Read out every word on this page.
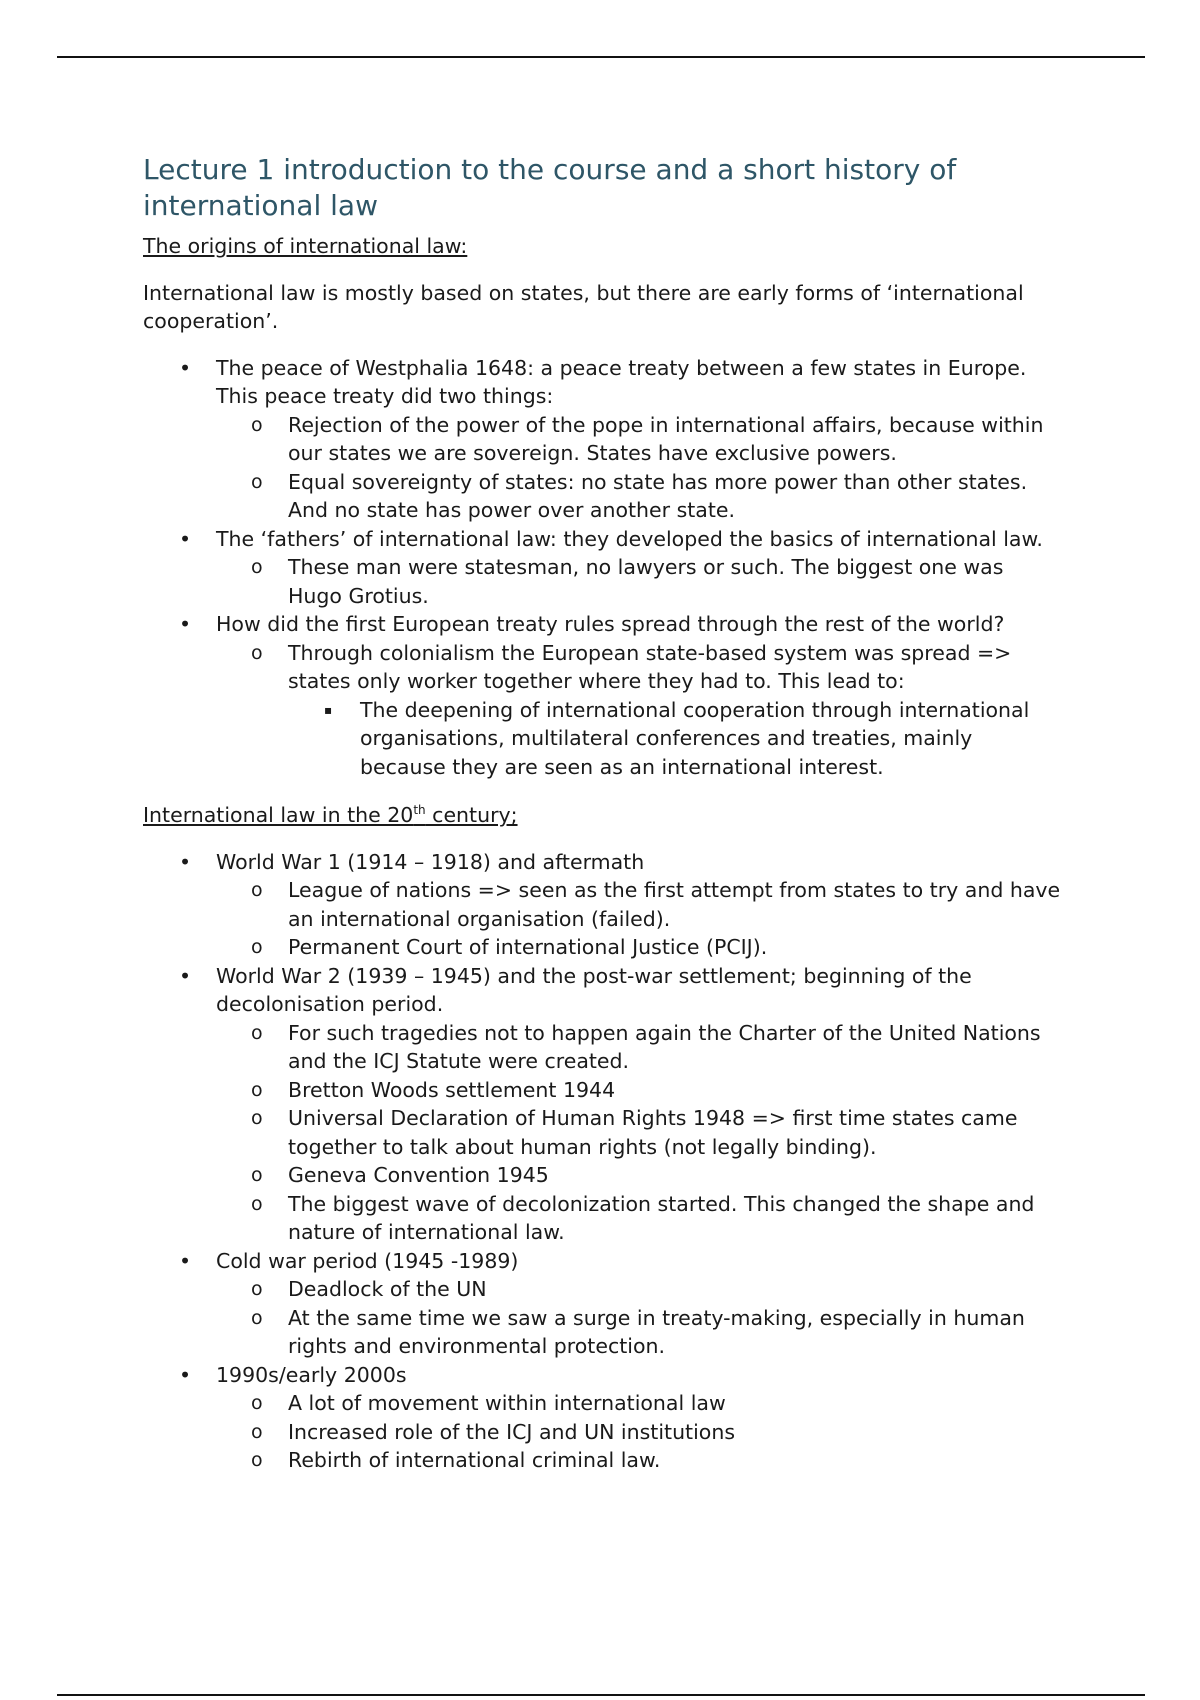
Lecture 1 introduction to the course and a short history of international law
The origins of international law:

International law is mostly based on states, but there are early forms of ‘international cooperation’.

• The peace of Westphalia 1648: a peace treaty between a few states in Europe. This peace treaty did two things:
o Rejection of the power of the pope in international affairs, because within our states we are sovereign. States have exclusive powers.
o Equal sovereignty of states: no state has more power than other states. And no state has power over another state.
• The ‘fathers’ of international law: they developed the basics of international law.
o These man were statesman, no lawyers or such. The biggest one was Hugo Grotius.
• How did the first European treaty rules spread through the rest of the world?
o Through colonialism the European state-based system was spread => states only worker together where they had to. This lead to:
▪ The deepening of international cooperation through international organisations, multilateral conferences and treaties, mainly because they are seen as an international interest.
International law in the 20th century;
• World War 1 (1914 – 1918) and aftermath
o League of nations => seen as the first attempt from states to try and have an international organisation (failed).
o Permanent Court of international Justice (PCIJ).
• World War 2 (1939 – 1945) and the post-war settlement; beginning of the decolonisation period.
o For such tragedies not to happen again the Charter of the United Nations and the ICJ Statute were created.
o Bretton Woods settlement 1944
o Universal Declaration of Human Rights 1948 => first time states came together to talk about human rights (not legally binding).
o Geneva Convention 1945
o The biggest wave of decolonization started. This changed the shape and nature of international law.
• Cold war period (1945 -1989)
o Deadlock of the UN
o At the same time we saw a surge in treaty-making, especially in human rights and environmental protection.
• 1990s/early 2000s
o A lot of movement within international law
o Increased role of the ICJ and UN institutions
o Rebirth of international criminal law.
